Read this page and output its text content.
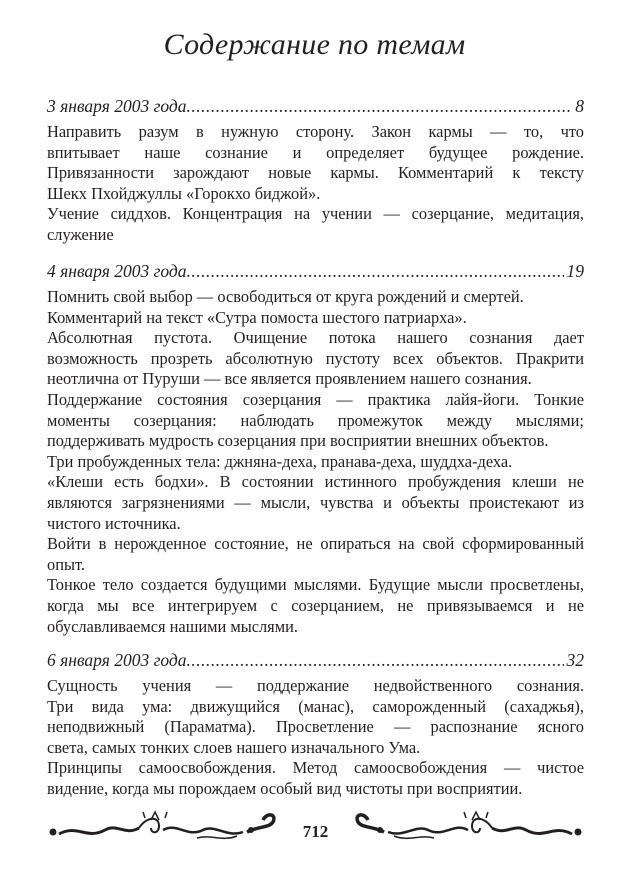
Содержание по темам
3 января 2003 года .....	8
Направить разум в нужную сторону. Закон кармы — то, что
впитывает наше сознание и определяет будущее рождение.
Привязанности зарождают новые кармы. Комментарий к тексту
Шекх Пхойджуллы «Горокхо биджой».
Учение сиддхов. Концентрация на учении — созерцание, медитация,
служение
4 января 2003 года .....	19
Помнить свой выбор — освободиться от круга рождений и смертей.
Комментарий на текст «Сутра помоста шестого патриарха».
Абсолютная пустота. Очищение потока нашего сознания дает
возможность прозреть абсолютную пустоту всех объектов. Пракрити
неотлична от Пуруши — все является проявлением нашего сознания.
Поддержание состояния созерцания — практика лайя-йоги. Тонкие
моменты созерцания: наблюдать промежуток между мыслями;
поддерживать мудрость созерцания при восприятии внешних объектов.
Три пробужденных тела: джняна-деха, пранава-деха, шуддха-деха.
«Клеши есть бодхи». В состоянии истинного пробуждения клеши не
являются загрязнениями — мысли, чувства и объекты проистекают из
чистого источника.
Войти в нерожденное состояние, не опираться на свой сформированный
опыт.
Тонкое тело создается будущими мыслями. Будущие мысли просветлены,
когда мы все интегрируем с созерцанием, не привязываемся и не
обуславливаемся нашими мыслями.
6 января 2003 года .....	32
Сущность учения — поддержание недвойственного сознания.
Три вида ума: движущийся (манас), саморожденный (сахаджья),
неподвижный (Параматма). Просветление — распознание ясного
света, самых тонких слоев нашего изначального Ума.
Принципы самоосвобождения. Метод самоосвобождения — чистое
видение, когда мы порождаем особый вид чистоты при восприятии.
712
